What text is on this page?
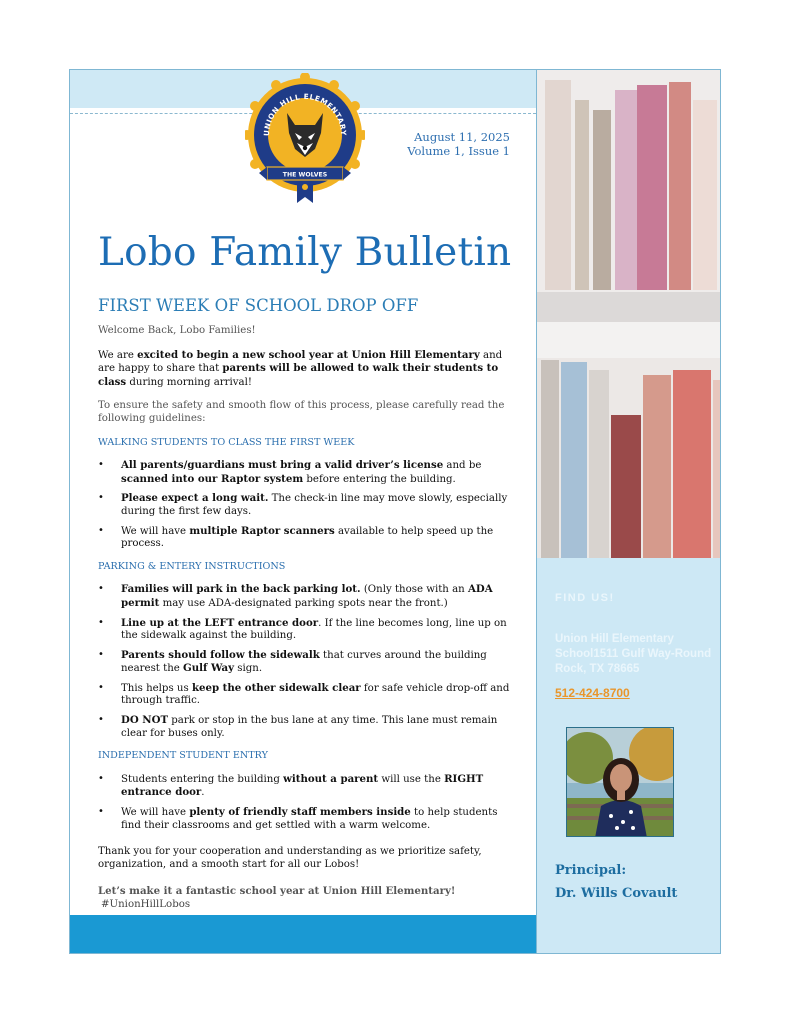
UNION HILL ELEMENTARY
THE WOLVES
August 11, 2025
Volume 1, Issue 1
Lobo Family Bulletin
FIRST WEEK OF SCHOOL DROP OFF

Welcome Back, Lobo Families!

We are excited to begin a new school year at Union Hill Elementary and are happy to share that parents will be allowed to walk their students to class during morning arrival!

To ensure the safety and smooth flow of this process, please carefully read the following guidelines:

WALKING STUDENTS TO CLASS THE FIRST WEEK
• All parents/guardians must bring a valid driver’s license and be scanned into our Raptor system before entering the building.
• Please expect a long wait. The check-in line may move slowly, especially during the first few days.
• We will have multiple Raptor scanners available to help speed up the process.
PARKING & ENTERY INSTRUCTIONS
• Families will park in the back parking lot. (Only those with an ADA permit may use ADA-designated parking spots near the front.)
• Line up at the LEFT entrance door. If the line becomes long, line up on the sidewalk against the building.
• Parents should follow the sidewalk that curves around the building nearest the Gulf Way sign.
• This helps us keep the other sidewalk clear for safe vehicle drop-off and through traffic.
• DO NOT park or stop in the bus lane at any time. This lane must remain clear for buses only.
INDEPENDENT STUDENT ENTRY
• Students entering the building without a parent will use the RIGHT entrance door.
• We will have plenty of friendly staff members inside to help students find their classrooms and get settled with a warm welcome.

Thank you for your cooperation and understanding as we prioritize safety, organization, and a smooth start for all our Lobos!

Let’s make it a fantastic school year at Union Hill Elementary!
#UnionHillLobos

FIND US!
Union Hill Elementary School1511 Gulf Way-Round Rock, TX 78665
512-424-8700
Principal:
Dr. Wills Covault
